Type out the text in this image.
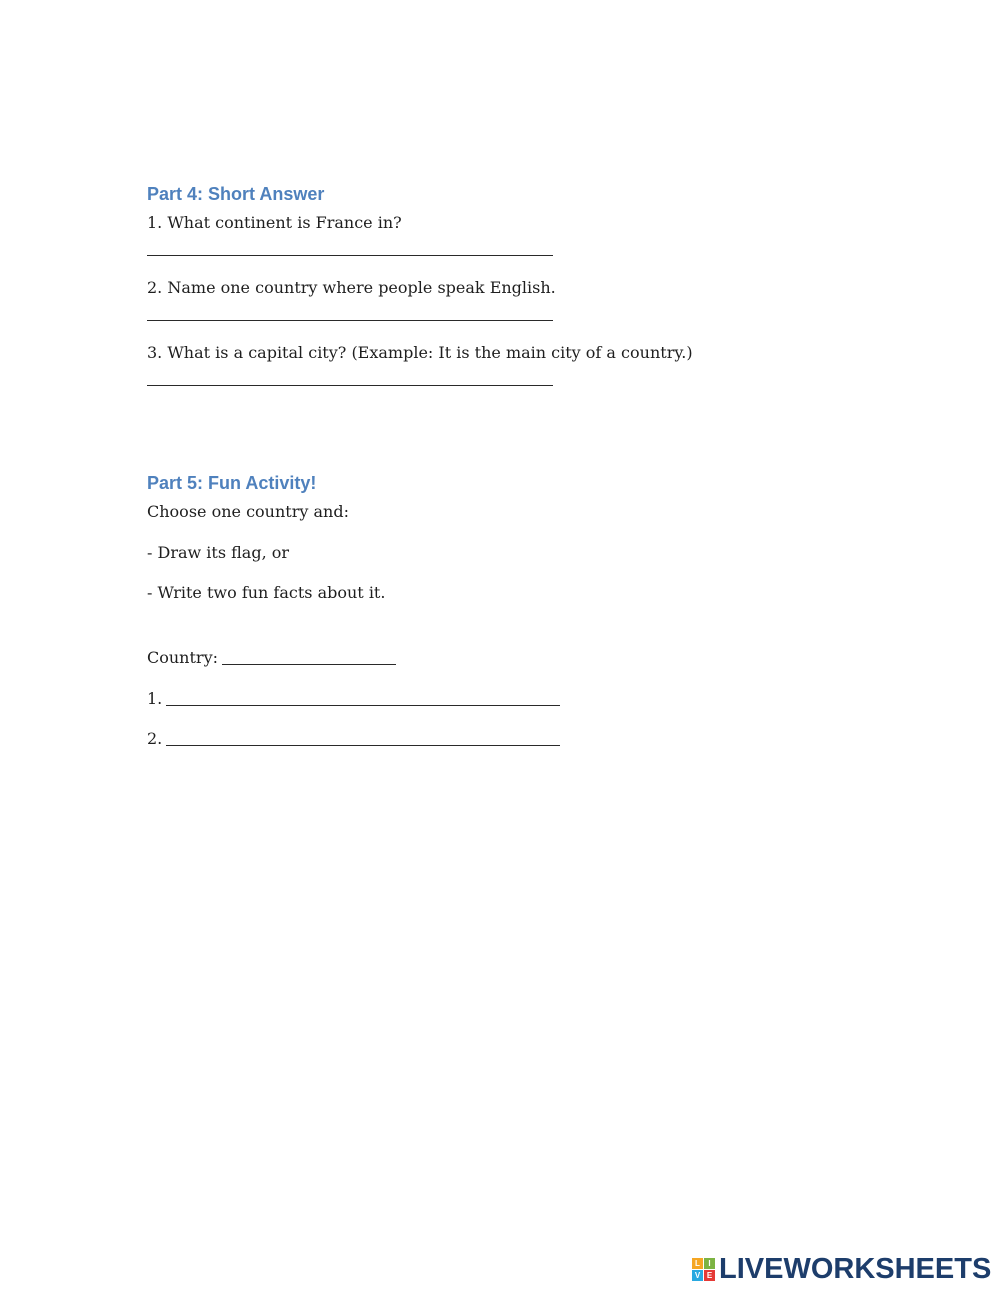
Part 4: Short Answer
1. What continent is France in?
2. Name one country where people speak English.
3. What is a capital city? (Example: It is the main city of a country.)
Part 5: Fun Activity!
Choose one country and:
- Draw its flag, or
- Write two fun facts about it.
Country:
1.
2.
L	I
V E LIVEWORKSHEETS
